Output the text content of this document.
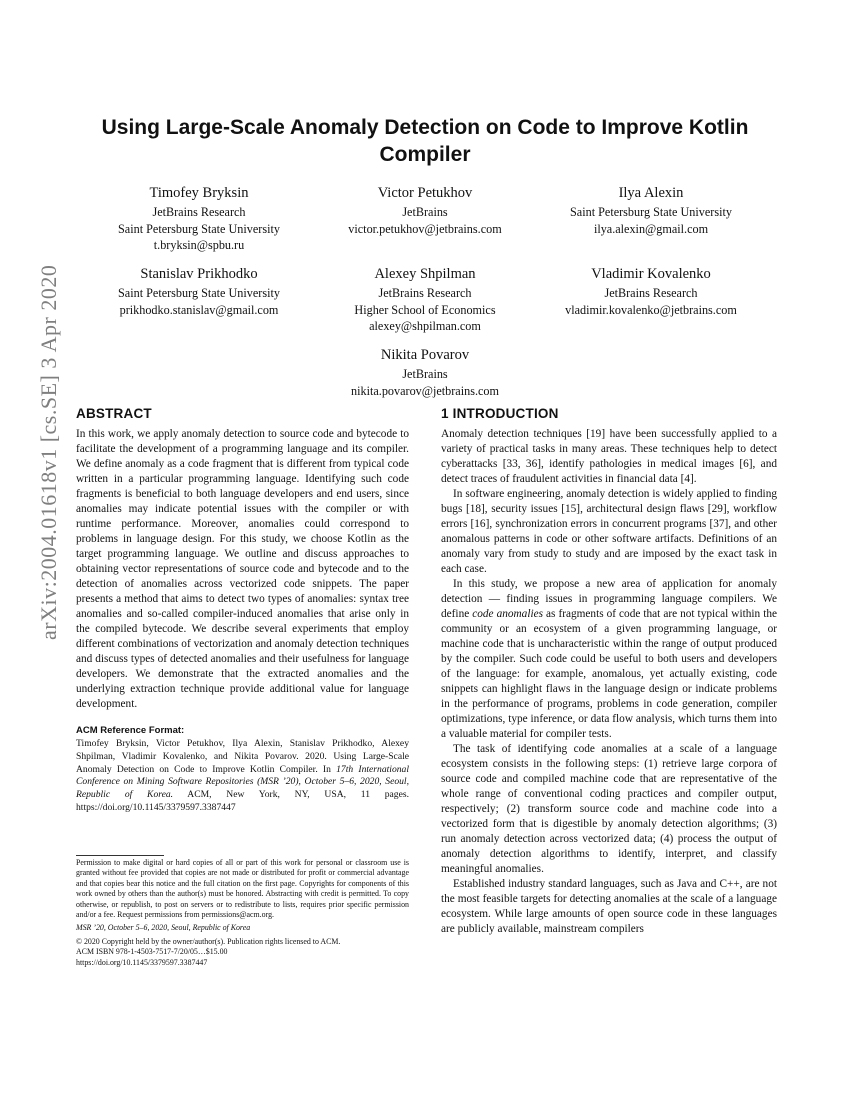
arXiv:2004.01618v1 [cs.SE] 3 Apr 2020
Using Large-Scale Anomaly Detection on Code to Improve Kotlin Compiler
Timofey Bryksin
JetBrains Research
Saint Petersburg State University
t.bryksin@spbu.ru
Victor Petukhov
JetBrains
victor.petukhov@jetbrains.com
Ilya Alexin
Saint Petersburg State University
ilya.alexin@gmail.com
Stanislav Prikhodko
Saint Petersburg State University
prikhodko.stanislav@gmail.com
Alexey Shpilman
JetBrains Research
Higher School of Economics
alexey@shpilman.com
Vladimir Kovalenko
JetBrains Research
vladimir.kovalenko@jetbrains.com
Nikita Povarov
JetBrains
nikita.povarov@jetbrains.com
ABSTRACT

In this work, we apply anomaly detection to source code and bytecode to facilitate the development of a programming language and its compiler. We define anomaly as a code fragment that is different from typical code written in a particular programming language. Identifying such code fragments is beneficial to both language developers and end users, since anomalies may indicate potential issues with the compiler or with runtime performance. Moreover, anomalies could correspond to problems in language design. For this study, we choose Kotlin as the target programming language. We outline and discuss approaches to obtaining vector representations of source code and bytecode and to the detection of anomalies across vectorized code snippets. The paper presents a method that aims to detect two types of anomalies: syntax tree anomalies and so-called compiler-induced anomalies that arise only in the compiled bytecode. We describe several experiments that employ different combinations of vectorization and anomaly detection techniques and discuss types of detected anomalies and their usefulness for language developers. We demonstrate that the extracted anomalies and the underlying extraction technique provide additional value for language development.

ACM Reference Format:
Timofey Bryksin, Victor Petukhov, Ilya Alexin, Stanislav Prikhodko, Alexey Shpilman, Vladimir Kovalenko, and Nikita Povarov. 2020. Using Large-Scale Anomaly Detection on Code to Improve Kotlin Compiler. In 17th International Conference on Mining Software Repositories (MSR ’20), October 5–6, 2020, Seoul, Republic of Korea. ACM, New York, NY, USA, 11 pages. https://doi.org/10.1145/3379597.3387447
Permission to make digital or hard copies of all or part of this work for personal or classroom use is granted without fee provided that copies are not made or distributed for profit or commercial advantage and that copies bear this notice and the full citation on the first page. Copyrights for components of this work owned by others than the author(s) must be honored. Abstracting with credit is permitted. To copy otherwise, or republish, to post on servers or to redistribute to lists, requires prior specific permission and/or a fee. Request permissions from permissions@acm.org.
MSR ’20, October 5–6, 2020, Seoul, Republic of Korea
© 2020 Copyright held by the owner/author(s). Publication rights licensed to ACM.
ACM ISBN 978-1-4503-7517-7/20/05…$15.00
https://doi.org/10.1145/3379597.3387447
1 INTRODUCTION

Anomaly detection techniques [19] have been successfully applied to a variety of practical tasks in many areas. These techniques help to detect cyberattacks [33, 36], identify pathologies in medical images [6], and detect traces of fraudulent activities in financial data [4].

In software engineering, anomaly detection is widely applied to finding bugs [18], security issues [15], architectural design flaws [29], workflow errors [16], synchronization errors in concurrent programs [37], and other anomalous patterns in code or other software artifacts. Definitions of an anomaly vary from study to study and are imposed by the exact task in each case.

In this study, we propose a new area of application for anomaly detection — finding issues in programming language compilers. We define code anomalies as fragments of code that are not typical within the community or an ecosystem of a given programming language, or machine code that is uncharacteristic within the range of output produced by the compiler. Such code could be useful to both users and developers of the language: for example, anomalous, yet actually existing, code snippets can highlight flaws in the language design or indicate problems in the performance of programs, problems in code generation, compiler optimizations, type inference, or data flow analysis, which turns them into a valuable material for compiler tests.

The task of identifying code anomalies at a scale of a language ecosystem consists in the following steps: (1) retrieve large corpora of source code and compiled machine code that are representative of the whole range of conventional coding practices and compiler output, respectively; (2) transform source code and machine code into a vectorized form that is digestible by anomaly detection algorithms; (3) run anomaly detection across vectorized data; (4) process the output of anomaly detection algorithms to identify, interpret, and classify meaningful anomalies.

Established industry standard languages, such as Java and C++, are not the most feasible targets for detecting anomalies at the scale of a language ecosystem. While large amounts of open source code in these languages are publicly available, mainstream compilers
